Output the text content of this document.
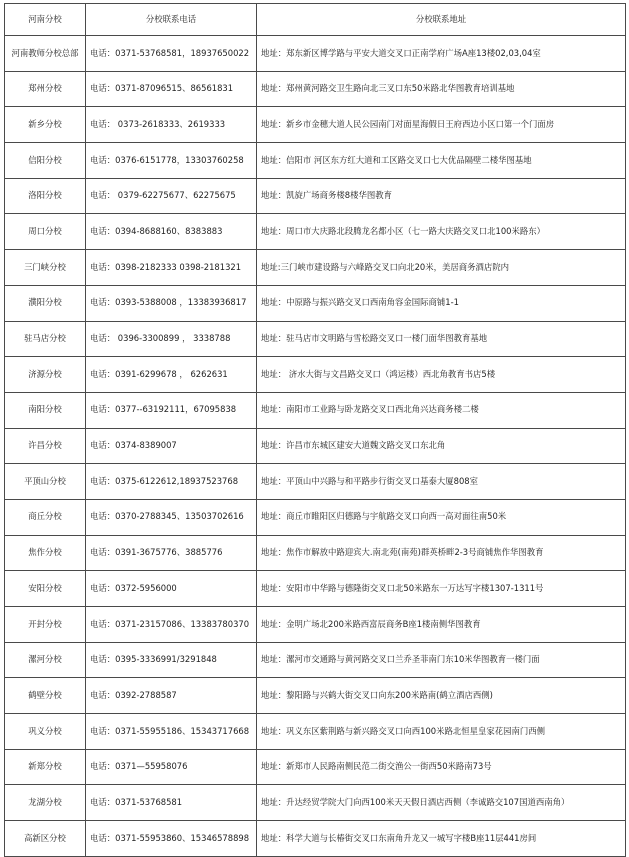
河南分校	分校联系电话	分校联系地址
河南教师分校总部	电话：0371-53768581，18937650022	地址：郑东新区博学路与平安大道交叉口正南学府广场A座13楼02,03,04室
郑州分校	电话：0371-87096515、86561831	地址：郑州黄河路交卫生路向北三叉口东50米路北华图教育培训基地
新乡分校	电话： 0373-2618333、2619333	地址：新乡市金穗大道人民公园南门对面星海假日王府西边小区口第一个门面房
信阳分校	电话：0376-6151778，13303760258	地址：信阳市 河区东方红大道和工区路交叉口七大优品隔壁二楼华图基地
洛阳分校	电话： 0379-62275677、62275675	地址：凯旋广场商务楼8楼华图教育
周口分校	电话：0394-8688160、8383883	地址：周口市大庆路北段腾龙名都小区（七一路大庆路交叉口北100米路东）
三门峡分校	电话：0398-2182333 0398-2181321	地址:三门峡市建设路与六峰路交叉口向北20米，美居商务酒店院内
濮阳分校	电话：0393-5388008 ，13383936817	地址：中原路与振兴路交叉口西南角容金国际商铺1-1
驻马店分校	电话： 0396-3300899 ， 3338788	地址：驻马店市文明路与雪松路交叉口一楼门面华图教育基地
济源分校	电话：0391-6299678 ， 6262631	地址： 济水大街与文昌路交叉口（鸿运楼）西北角教育书店5楼
南阳分校	电话：0377--63192111，67095838	地址：南阳市工业路与卧龙路交叉口西北角兴达商务楼二楼
许昌分校	电话：0374-8389007	地址：许昌市东城区建安大道魏文路交叉口东北角
平顶山分校	电话：0375-6122612,18937523768	地址：平顶山中兴路与和平路步行街交叉口基泰大厦808室
商丘分校	电话：0370-2788345、13503702616	地址：商丘市睢阳区归德路与宇航路交叉口向西一高对面往南50米
焦作分校	电话：0391-3675776、3885776	地址：焦作市解放中路迎宾大.南北苑(南苑)群英桥畔2-3号商铺焦作华图教育
安阳分校	电话：0372-5956000	地址：安阳市中华路与德隆街交叉口北50米路东一万达写字楼1307-1311号
开封分校	电话：0371-23157086、13383780370	地址：金明广场北200米路西富辰商务B座1楼南侧华图教育
漯河分校	电话：0395-3336991/3291848	地址：漯河市交通路与黄河路交叉口兰乔圣菲南门东10米华图教育一楼门面
鹤壁分校	电话：0392-2788587	地址：黎阳路与兴鹤大街交叉口向东200米路南(鹤立酒店西侧)
巩义分校	电话：0371-55955186、15343717668	地址：巩义东区紫荆路与新兴路交叉口向西100米路北恒星皇家花园南门西侧
新郑分校	电话：0371—55958076	地址：新郑市人民路南侧民范二街交渔公一街西50米路南73号
龙湖分校	电话：0371-53768581	地址：升达经贸学院大门向西100米天天假日酒店西侧（李诚路交107国道西南角）
高新区分校	电话：0371-55953860、15346578898	地址：科学大道与长椿街交叉口东南角升龙又一城写字楼B座11层441房间
